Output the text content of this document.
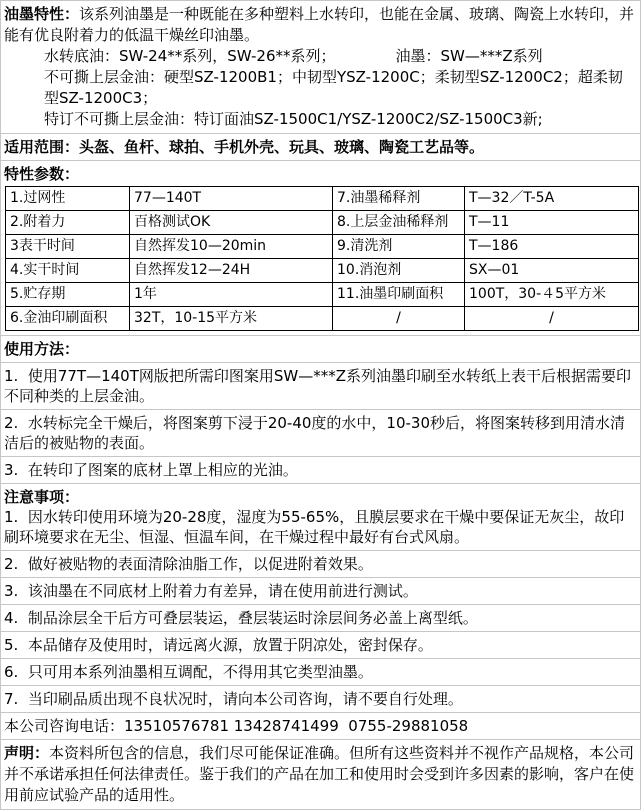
油墨特性：该系列油墨是一种既能在多种塑料上水转印，也能在金属、玻璃、陶瓷上水转印，并能有优良附着力的低温干燥丝印油墨。

水转底油：SW-24**系列，SW-26**系列；	油墨：SW—***Z系列

不可撕上层金油：硬型SZ-1200B1；中韧型YSZ-1200C；柔韧型SZ-1200C2；超柔韧型SZ-1200C3；

特订不可撕上层金油：特订面油SZ-1500C1/YSZ-1200C2/SZ-1500C3新;

适用范围：头盔、鱼杆、球拍、手机外壳、玩具、玻璃、陶瓷工艺品等。

特性参数：

1.过网性	77—140T	7.油墨稀释剂	T—32／T-5A
2.附着力	百格测试OK	8.上层金油稀释剂	T—11
3表干时间	自然挥发10—20min	9.清洗剂	T—186
4.实干时间	自然挥发12—24H	10.消泡剂	SX—01
5.贮存期	1年	11.油墨印刷面积	100T，30-４5平方米
6.金油印刷面积	32T，10-15平方米	/	/

使用方法：

1.  使用77T—140T网版把所需印图案用SW—***Z系列油墨印刷至水转纸上表干后根据需要印不同种类的上层金油。

2.  水转标完全干燥后，将图案剪下浸于20-40度的水中，10-30秒后，将图案转移到用清水清洁后的被贴物的表面。

3.  在转印了图案的底材上罩上相应的光油。

注意事项：

1.  因水转印使用环境为20-28度，湿度为55-65%，且膜层要求在干燥中要保证无灰尘，故印刷环境要求在无尘、恒湿、恒温车间，在干燥过程中最好有台式风扇。

2.  做好被贴物的表面清除油脂工作，以促进附着效果。

3.  该油墨在不同底材上附着力有差异，请在使用前进行测试。

4.  制品涂层全干后方可叠层装运，叠层装运时涂层间务必盖上离型纸。

5.  本品储存及使用时，请远离火源，放置于阴凉处，密封保存。

6.  只可用本系列油墨相互调配，不得用其它类型油墨。

7.  当印刷品质出现不良状况时，请向本公司咨询，请不要自行处理。

本公司咨询电话：13510576781 13428741499  0755-29881058

声明：本资料所包含的信息，我们尽可能保证准确。但所有这些资料并不视作产品规格，本公司并不承诺承担任何法律责任。鉴于我们的产品在加工和使用时会受到许多因素的影响，客户在使用前应试验产品的适用性。
